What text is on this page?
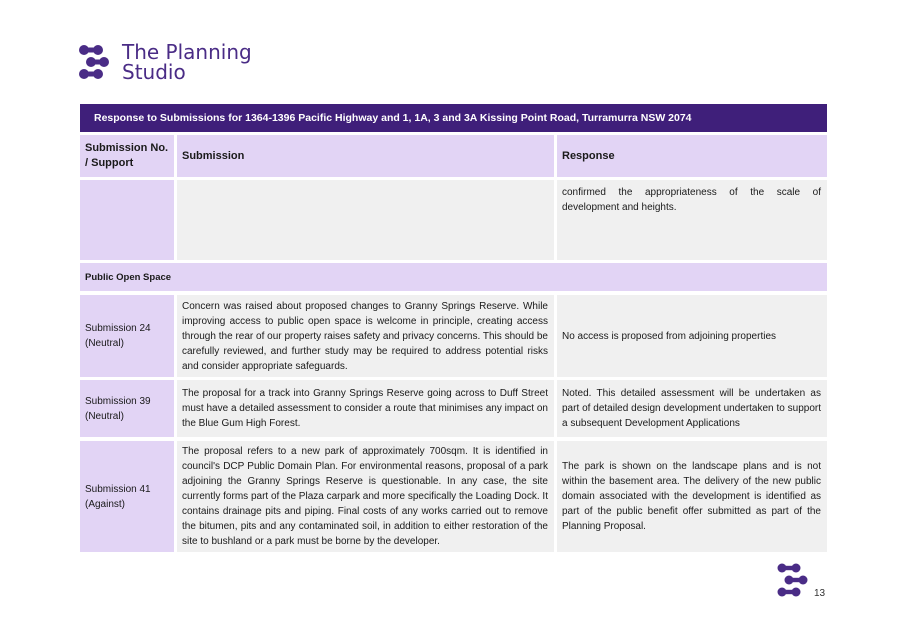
The Planning
Studio
Response to Submissions for 1364-1396 Pacific Highway and 1, 1A, 3 and 3A Kissing Point Road, Turramurra NSW 2074
Submission No. / Support
Submission	Response
confirmed the appropriateness of the scale of development and heights.
Public Open Space
Submission 24
(Neutral)
Concern was raised about proposed changes to Granny Springs Reserve. While improving access to public open space is welcome in principle, creating access through the rear of our property raises safety and privacy concerns. This should be carefully reviewed, and further study may be required to address potential risks and consider appropriate safeguards.
No access is proposed from adjoining properties
Submission 39
(Neutral)
The proposal for a track into Granny Springs Reserve going across to Duff Street must have a detailed assessment to consider a route that minimises any impact on the Blue Gum High Forest.
Noted. This detailed assessment will be undertaken as part of detailed design development undertaken to support a subsequent Development Applications
Submission 41
(Against)
The proposal refers to a new park of approximately 700sqm. It is identified in council's DCP Public Domain Plan. For environmental reasons, proposal of a park adjoining the Granny Springs Reserve is questionable. In any case, the site currently forms part of the Plaza carpark and more specifically the Loading Dock. It contains drainage pits and piping. Final costs of any works carried out to remove the bitumen, pits and any contaminated soil, in addition to either restoration of the site to bushland or a park must be borne by the developer.
The park is shown on the landscape plans and is not within the basement area. The delivery of the new public domain associated with the development is identified as part of the public benefit offer submitted as part of the Planning Proposal.
13
